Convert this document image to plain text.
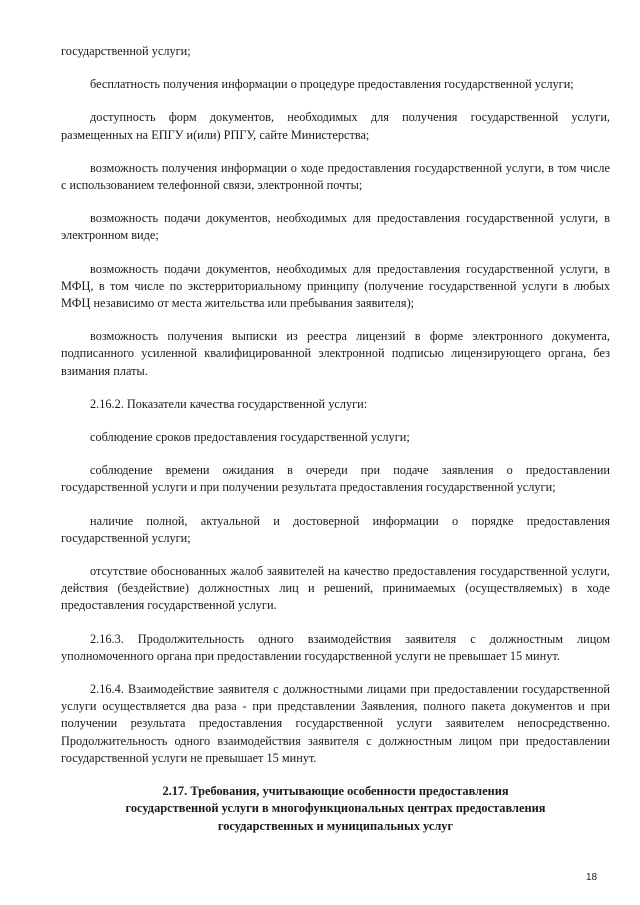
государственной услуги;

бесплатность получения информации о процедуре предоставления государственной услуги;

доступность форм документов, необходимых для получения государственной услуги, размещенных на ЕПГУ и(или) РПГУ, сайте Министерства;

возможность получения информации о ходе предоставления государственной услуги, в том числе с использованием телефонной связи, электронной почты;

возможность подачи документов, необходимых для предоставления государственной услуги, в электронном виде;

возможность подачи документов, необходимых для предоставления государственной услуги, в МФЦ, в том числе по экстерриториальному принципу (получение государственной услуги в любых МФЦ независимо от места жительства или пребывания заявителя);

возможность получения выписки из реестра лицензий в форме электронного документа, подписанного усиленной квалифицированной электронной подписью лицензирующего органа, без взимания платы.

2.16.2. Показатели качества государственной услуги:

соблюдение сроков предоставления государственной услуги;

соблюдение времени ожидания в очереди при подаче заявления о предоставлении государственной услуги и при получении результата предоставления государственной услуги;

наличие полной, актуальной и достоверной информации о порядке предоставления государственной услуги;

отсутствие обоснованных жалоб заявителей на качество предоставления государственной услуги, действия (бездействие) должностных лиц и решений, принимаемых (осуществляемых) в ходе предоставления государственной услуги.

2.16.3. Продолжительность одного взаимодействия заявителя с должностным лицом уполномоченного органа при предоставлении государственной услуги не превышает 15 минут.

2.16.4. Взаимодействие заявителя с должностными лицами при предоставлении государственной услуги осуществляется два раза - при представлении Заявления, полного пакета документов и при получении результата предоставления государственной услуги заявителем непосредственно. Продолжительность одного взаимодействия заявителя с должностным лицом при предоставлении государственной услуги не превышает 15 минут.

2.17. Требования, учитывающие особенности предоставления
государственной услуги в многофункциональных центрах предоставления
государственных и муниципальных услуг
18
